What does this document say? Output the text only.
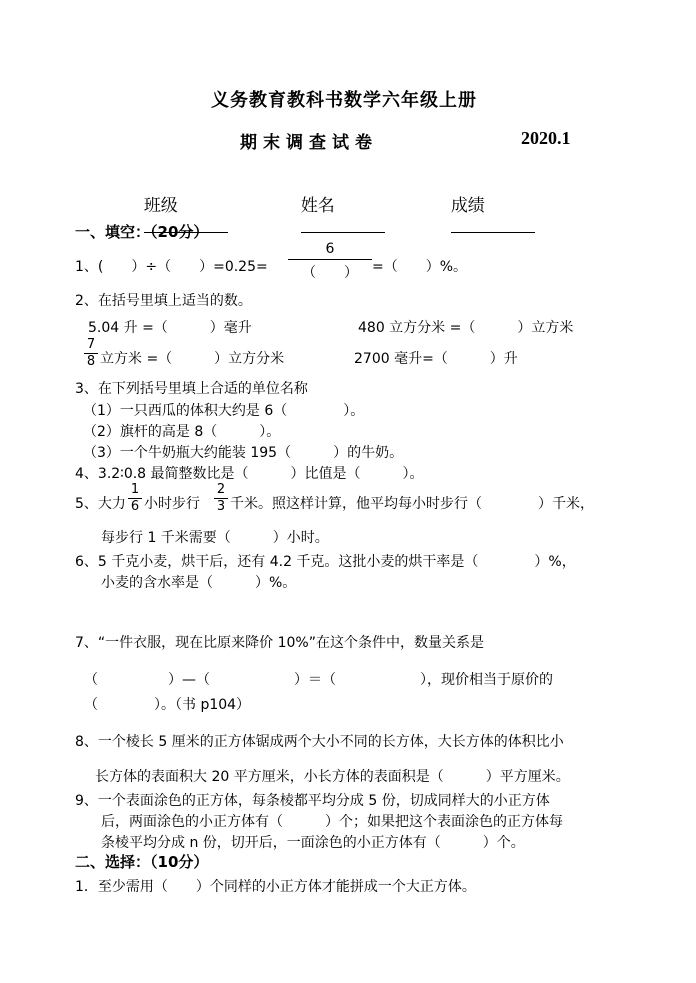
义务教育教科书数学六年级上册
期末调查试卷	2020.1

班级
	姓名
	成绩

一、填空：（20分）
1、(　　）÷（　　）=0.25=
6
（　　）	=（　　）%。
2、在括号里填上适当的数。
5.04 升 =（　　　）毫升	480 立方分米 =（　　　）立方米
7
8 立方米 =（　　　）立方分米	2700 毫升=（　　　）升
3、在下列括号里填上合适的单位名称
（1）一只西瓜的体积大约是 6（　　　　）。
（2）旗杆的高是 8（　　　）。
（3）一个牛奶瓶大约能装 195（　　　）的牛奶。
4、3.2∶0.8 最简整数比是（　　　）比值是（　　　）。
5、大力
1
6 小时步行
2
3 千米。照这样计算，他平均每小时步行（　　　　）千米，
每步行 1 千米需要（　　　）小时。
6、5 千克小麦，烘干后，还有 4.2 千克。这批小麦的烘干率是（　　　　）%，
小麦的含水率是（　　　）%。
7、“一件衣服，现在比原来降价 10%”在这个条件中，数量关系是
（　　　　　）—（　　　　　　）＝（　　　　　　），现价相当于原价的
（　　　　）。（书 p104）
8、一个棱长 5 厘米的正方体锯成两个大小不同的长方体，大长方体的体积比小
长方体的表面积大 20 平方厘米，小长方体的表面积是（　　　）平方厘米。
9、一个表面涂色的正方体，每条棱都平均分成 5 份，切成同样大的小正方体
后，两面涂色的小正方体有（　　　）个；如果把这个表面涂色的正方体每
条棱平均分成 n 份，切开后，一面涂色的小正方体有（　　　）个。
二、选择：（10分）
1．至少需用（　　）个同样的小正方体才能拼成一个大正方体。
